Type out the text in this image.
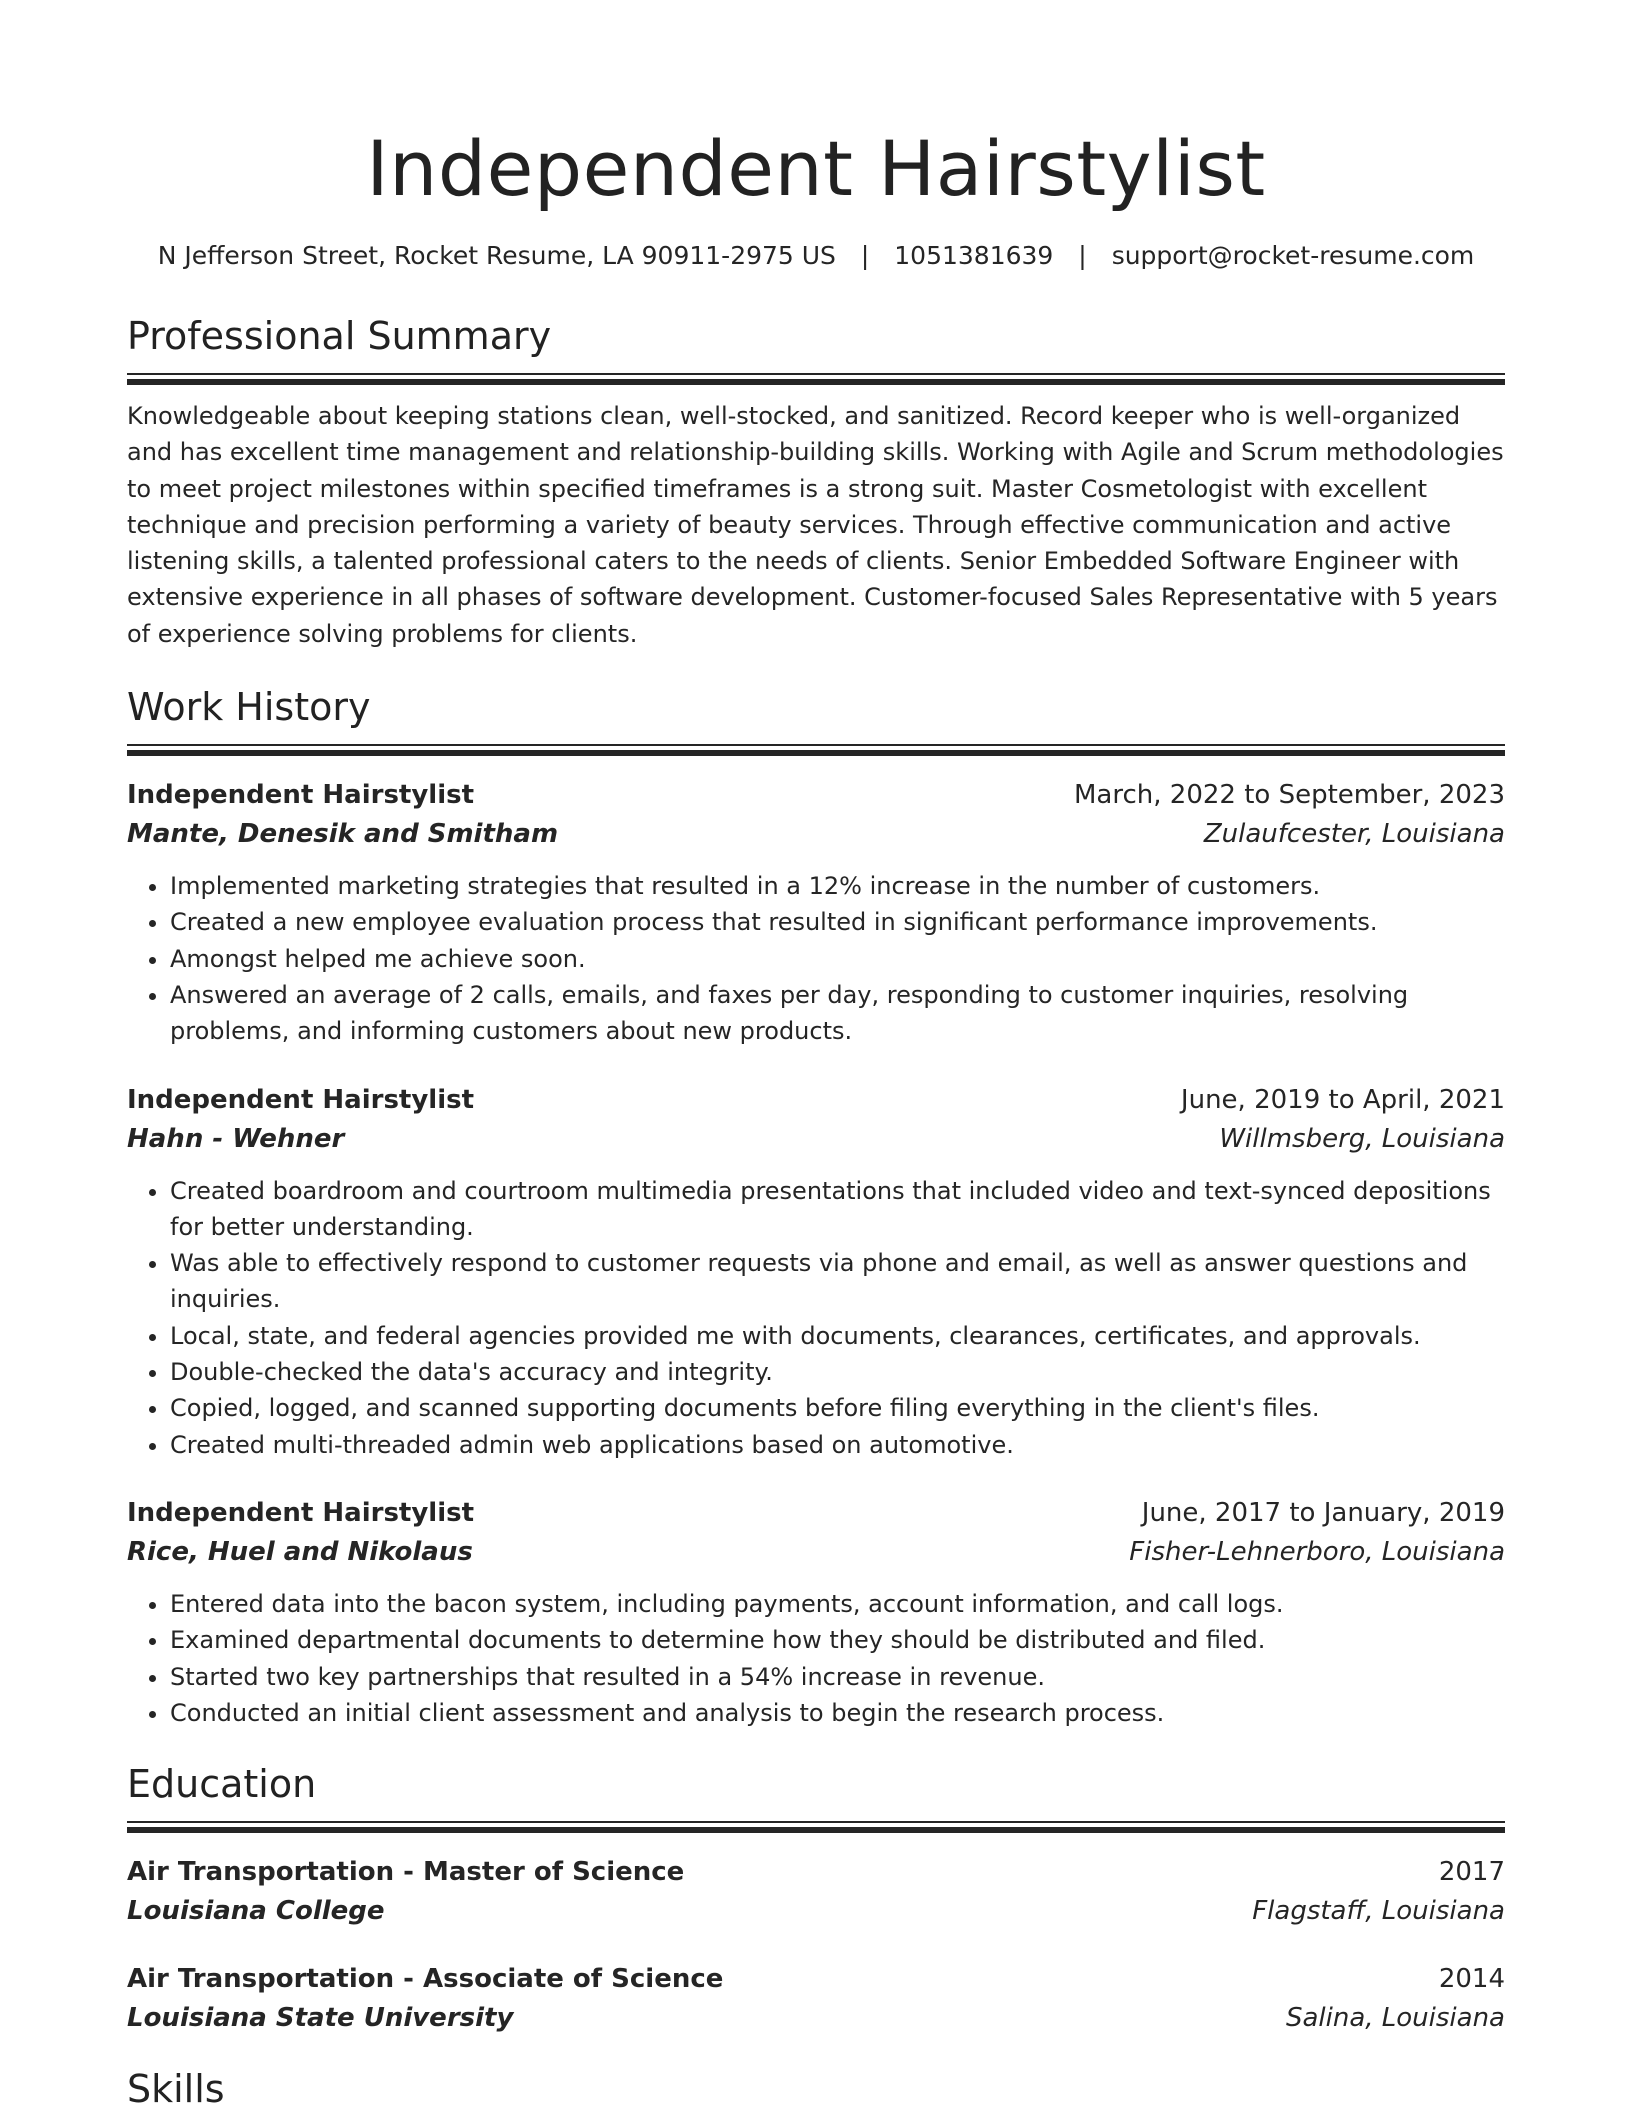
Independent Hairstylist
N Jefferson Street, Rocket Resume, LA 90911-2975 US | 1051381639 | support@rocket-resume.com
Professional Summary

Knowledgeable about keeping stations clean, well-stocked, and sanitized. Record keeper who is well-organized and has excellent time management and relationship-building skills. Working with Agile and Scrum methodologies to meet project milestones within specified timeframes is a strong suit. Master Cosmetologist with excellent technique and precision performing a variety of beauty services. Through effective communication and active listening skills, a talented professional caters to the needs of clients. Senior Embedded Software Engineer with extensive experience in all phases of software development. Customer-focused Sales Representative with 5 years of experience solving problems for clients.

Work History
Independent Hairstylist	March, 2022 to September, 2023
Mante, Denesik and Smitham	Zulaufcester, Louisiana
• Implemented marketing strategies that resulted in a 12% increase in the number of customers.
• Created a new employee evaluation process that resulted in significant performance improvements.
• Amongst helped me achieve soon.
• Answered an average of 2 calls, emails, and faxes per day, responding to customer inquiries, resolving problems, and informing customers about new products.
Independent Hairstylist	June, 2019 to April, 2021
Hahn - Wehner	Willmsberg, Louisiana
• Created boardroom and courtroom multimedia presentations that included video and text-synced depositions for better understanding.
• Was able to effectively respond to customer requests via phone and email, as well as answer questions and inquiries.
• Local, state, and federal agencies provided me with documents, clearances, certificates, and approvals.
• Double-checked the data's accuracy and integrity.
• Copied, logged, and scanned supporting documents before filing everything in the client's files.
• Created multi-threaded admin web applications based on automotive.
Independent Hairstylist	June, 2017 to January, 2019
Rice, Huel and Nikolaus	Fisher-Lehnerboro, Louisiana
• Entered data into the bacon system, including payments, account information, and call logs.
• Examined departmental documents to determine how they should be distributed and filed.
• Started two key partnerships that resulted in a 54% increase in revenue.
• Conducted an initial client assessment and analysis to begin the research process.
Education
Air Transportation - Master of Science	2017
Louisiana College	Flagstaff, Louisiana
Air Transportation - Associate of Science	2014
Louisiana State University	Salina, Louisiana
Skills
